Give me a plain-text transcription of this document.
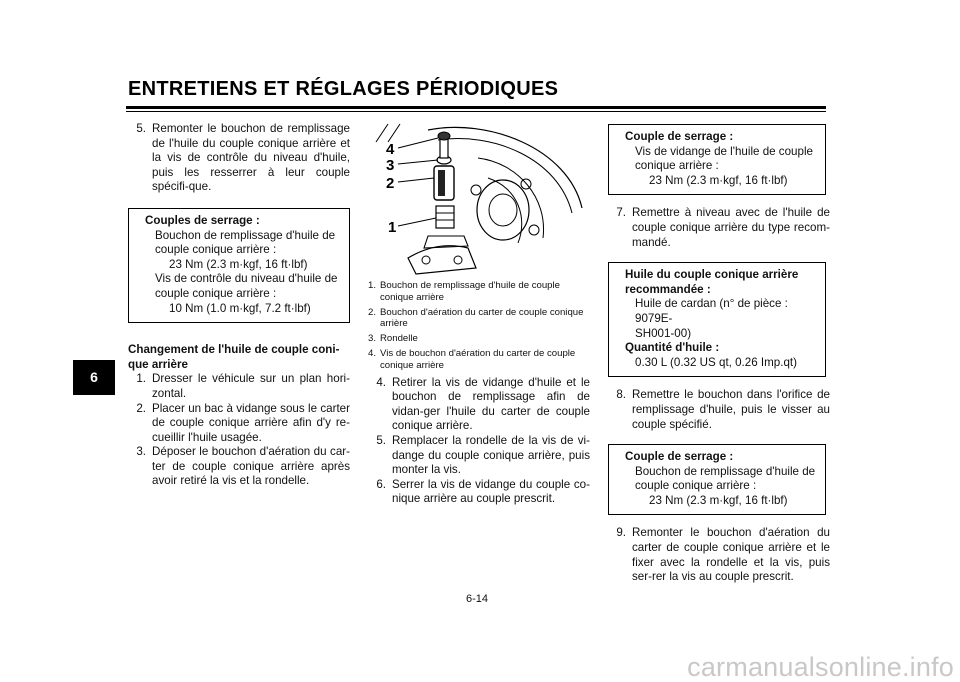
ENTRETIENS ET RÉGLAGES PÉRIODIQUES
6
5. Remonter le bouchon de remplissage de l'huile du couple conique arrière et la vis de contrôle du niveau d'huile, puis les resserrer à leur couple spécifi-que.
Couples de serrage :
Bouchon de remplissage d'huile de
couple conique arrière :
23 Nm (2.3 m·kgf, 16 ft·lbf)
Vis de contrôle du niveau d'huile de
couple conique arrière :
10 Nm (1.0 m·kgf, 7.2 ft·lbf)
Changement de l'huile de couple coni-
que arrière
1. Dresser le véhicule sur un plan hori-zontal.
2. Placer un bac à vidange sous le carter de couple conique arrière afin d'y re-cueillir l'huile usagée.
3. Déposer le bouchon d'aération du car-ter de couple conique arrière après avoir retiré la vis et la rondelle.
4
3
2
1
1. Bouchon de remplissage d'huile de couple conique arrière
2. Bouchon d'aération du carter de couple conique arrière
3. Rondelle
4. Vis de bouchon d'aération du carter de couple conique arrière
4. Retirer la vis de vidange d'huile et le bouchon de remplissage afin de vidan-ger l'huile du carter de couple conique arrière.
5. Remplacer la rondelle de la vis de vi-dange du couple conique arrière, puis monter la vis.
6. Serrer la vis de vidange du couple co-nique arrière au couple prescrit.
Couple de serrage :
Vis de vidange de l'huile de couple
conique arrière :
23 Nm (2.3 m·kgf, 16 ft·lbf)
7. Remettre à niveau avec de l'huile de couple conique arrière du type recom-mandé.
Huile du couple conique arrière
recommandée :
Huile de cardan (n° de pièce : 9079E-
SH001-00)
Quantité d'huile :
0.30 L (0.32 US qt, 0.26 Imp.qt)
8. Remettre le bouchon dans l'orifice de remplissage d'huile, puis le visser au couple spécifié.
Couple de serrage :
Bouchon de remplissage d'huile de
couple conique arrière :
23 Nm (2.3 m·kgf, 16 ft·lbf)
9. Remonter le bouchon d'aération du carter de couple conique arrière et le fixer avec la rondelle et la vis, puis ser-rer la vis au couple prescrit.
6-14
carmanualsonline.info
